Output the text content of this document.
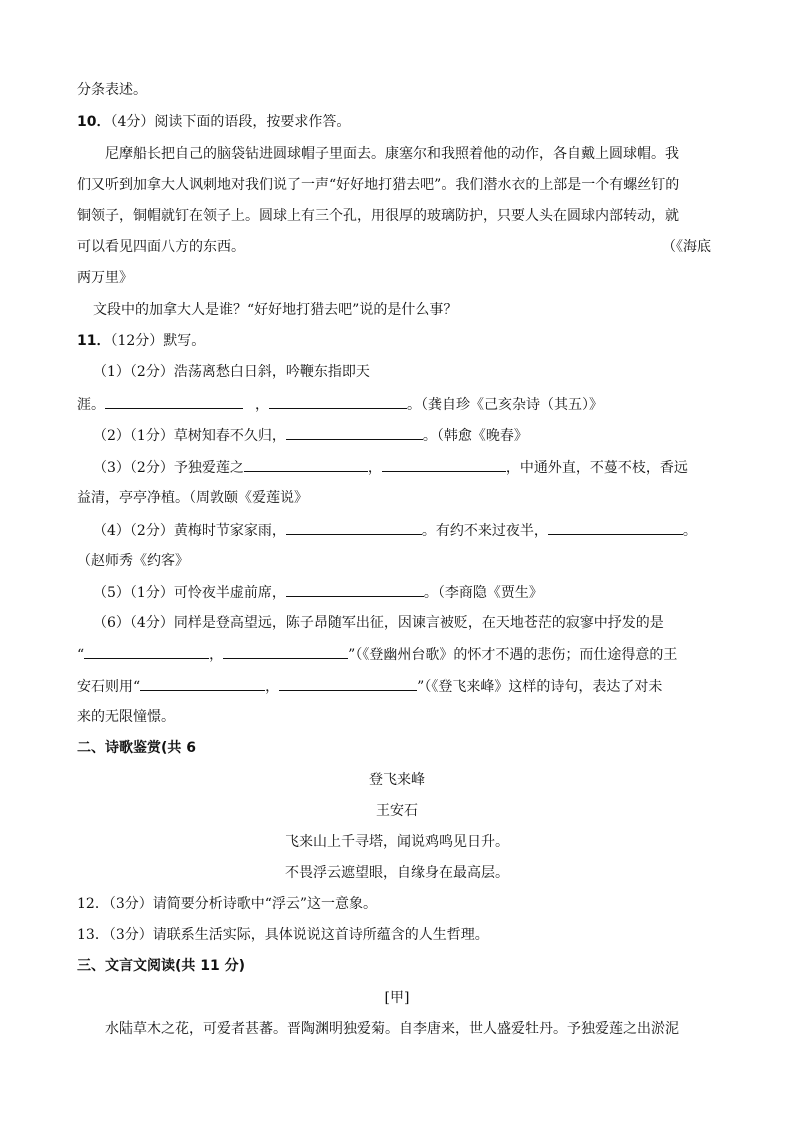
分条表述。
10．（4分）阅读下面的语段，按要求作答。
尼摩船长把自己的脑袋钻进圆球帽子里面去。康塞尔和我照着他的动作，各自戴上圆球帽。我
们又听到加拿大人讽刺地对我们说了一声“好好地打猎去吧”。我们潜水衣的上部是一个有螺丝钉的
铜领子，铜帽就钉在领子上。圆球上有三个孔，用很厚的玻璃防护，只要人头在圆球内部转动，就
可以看见四面八方的东西。	（《海底
两万里》
文段中的加拿大人是谁？“好好地打猎去吧”说的是什么事？
11．（12分）默写。
（1）（2分）浩荡离愁白日斜，吟鞭东指即天
涯。	，	。（龚自珍《己亥杂诗（其五）》
（2）（1分）草树知春不久归，	。（韩愈《晚春》
（3）（2分）予独爱莲之	，	，中通外直，不蔓不枝，香远
益清，亭亭净植。（周敦颐《爱莲说》
（4）（2分）黄梅时节家家雨，	。有约不来过夜半，	。
（赵师秀《约客》
（5）（1分）可怜夜半虚前席，	。（李商隐《贾生》
（6）（4分）同样是登高望远，陈子昂随军出征，因谏言被贬，在天地苍茫的寂寥中抒发的是
“	，	”（《登幽州台歌》的怀才不遇的悲伤；而仕途得意的王
安石则用“	，	”（《登飞来峰》这样的诗句，表达了对未
来的无限憧憬。
二、诗歌鉴赏(共 6
登飞来峰
王安石
飞来山上千寻塔，闻说鸡鸣见日升。
不畏浮云遮望眼，自缘身在最高层。
12．（3分）请简要分析诗歌中“浮云”这一意象。
13．（3分）请联系生活实际，具体说说这首诗所蕴含的人生哲理。
三、文言文阅读(共 11 分)
[甲]
水陆草木之花，可爱者甚蕃。晋陶渊明独爱菊。自李唐来，世人盛爱牡丹。予独爱莲之出淤泥
